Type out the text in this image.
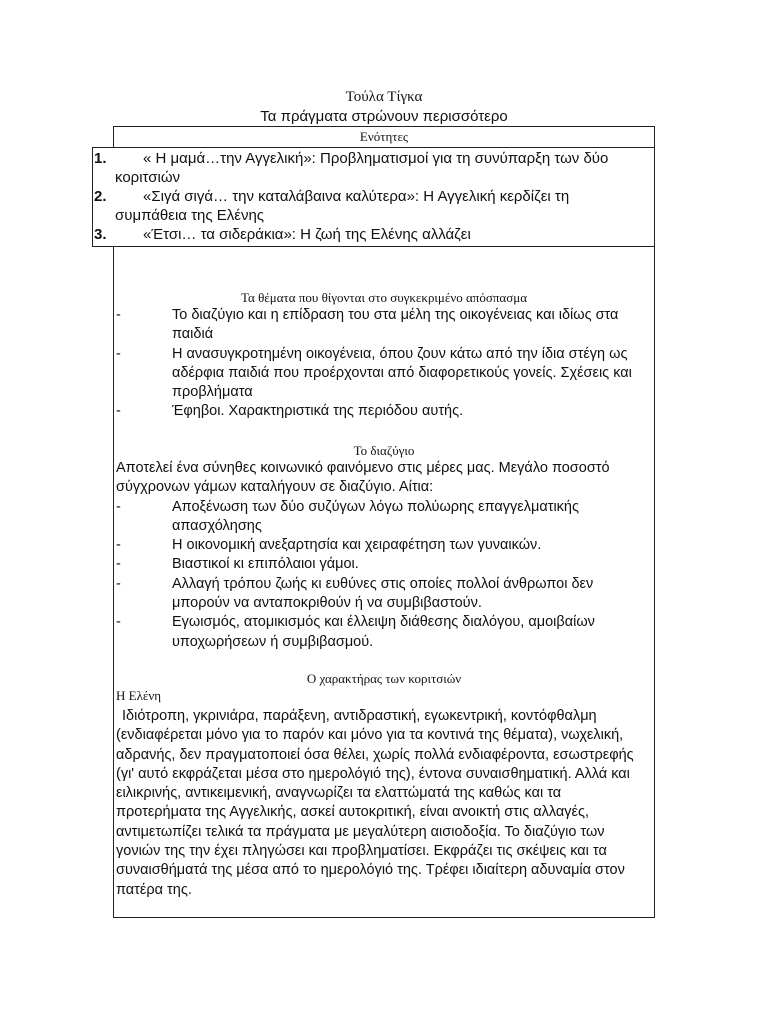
Τούλα Τίγκα
Τα πράγματα στρώνουν περισσότερο
Ενότητες
1.	« Η μαμά…την Αγγελική»: Προβληματισμοί για τη συνύπαρξη των δύο κοριτσιών
2.	«Σιγά σιγά… την καταλάβαινα καλύτερα»: Η Αγγελική κερδίζει τη συμπάθεια της Ελένης
3.	«Έτσι… τα σιδεράκια»: Η ζωή της Ελένης αλλάζει
Τα θέματα που θίγονται στο συγκεκριμένο απόσπασμα
-	Το διαζύγιο και η επίδραση του στα μέλη της οικογένειας και ιδίως στα παιδιά
-	Η ανασυγκροτημένη οικογένεια, όπου ζουν κάτω από την ίδια στέγη ως αδέρφια παιδιά που προέρχονται από διαφορετικούς γονείς. Σχέσεις και προβλήματα
-	Έφηβοι. Χαρακτηριστικά της περιόδου αυτής.
Το διαζύγιο
Αποτελεί ένα σύνηθες κοινωνικό φαινόμενο στις μέρες μας. Μεγάλο ποσοστό σύγχρονων γάμων καταλήγουν σε διαζύγιο. Αίτια:
-	Αποξένωση των δύο συζύγων λόγω πολύωρης επαγγελματικής απασχόλησης
-	Η οικονομική ανεξαρτησία και χειραφέτηση των γυναικών.
-	Βιαστικοί κι επιπόλαιοι γάμοι.
-	Αλλαγή τρόπου ζωής κι ευθύνες στις οποίες πολλοί άνθρωποι δεν μπορούν να ανταποκριθούν ή να συμβιβαστούν.
-	Εγωισμός, ατομικισμός και έλλειψη διάθεσης διαλόγου, αμοιβαίων υποχωρήσεων ή συμβιβασμού.
Ο χαρακτήρας των κοριτσιών
Η Ελένη
Ιδιότροπη, γκρινιάρα, παράξενη, αντιδραστική, εγωκεντρική, κοντόφθαλμη (ενδιαφέρεται μόνο για το παρόν και μόνο για τα κοντινά της θέματα), νωχελική, αδρανής, δεν πραγματοποιεί όσα θέλει, χωρίς πολλά ενδιαφέροντα, εσωστρεφής (γι' αυτό εκφράζεται μέσα στο ημερολόγιό της), έντονα συναισθηματική. Αλλά και ειλικρινής, αντικειμενική, αναγνωρίζει τα ελαττώματά της καθώς και τα προτερήματα της Αγγελικής, ασκεί αυτοκριτική, είναι ανοικτή στις αλλαγές, αντιμετωπίζει τελικά τα πράγματα με μεγαλύτερη αισιοδοξία. Το διαζύγιο των γονιών της την έχει πληγώσει και προβληματίσει. Εκφράζει τις σκέψεις και τα συναισθήματά της μέσα από το ημερολόγιό της. Τρέφει ιδιαίτερη αδυναμία στον πατέρα της.
